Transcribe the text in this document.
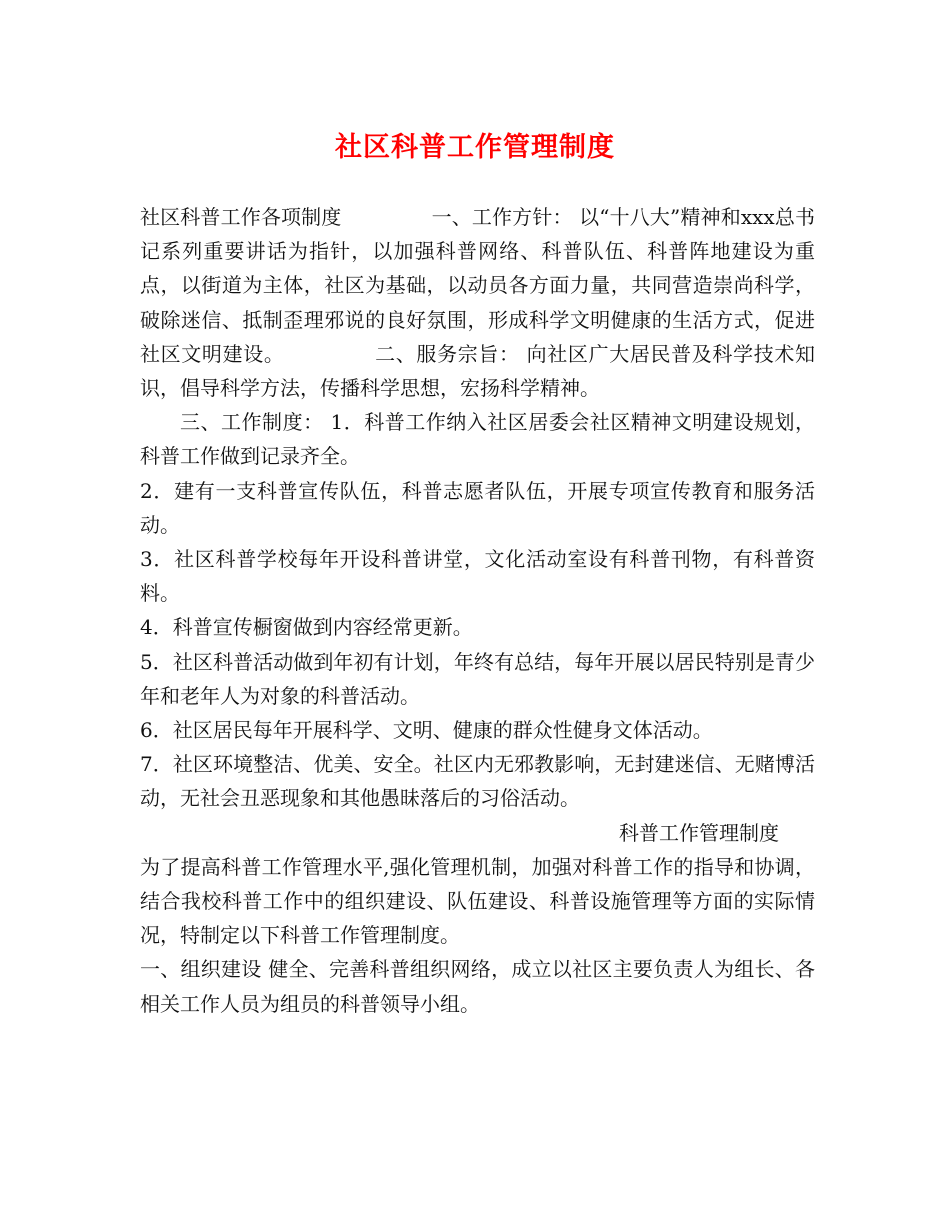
社区科普工作管理制度

社区科普工作各项制度	一、工作方针： 以“十八大”精神和xxx总书记系列重要讲话为指针，以加强科普网络、科普队伍、科普阵地建设为重点，以街道为主体，社区为基础，以动员各方面力量，共同营造崇尚科学，破除迷信、抵制歪理邪说的良好氛围，形成科学文明健康的生活方式，促进社区文明建设。	二、服务宗旨： 向社区广大居民普及科学技术知识，倡导科学方法，传播科学思想，宏扬科学精神。

三、工作制度： 1．科普工作纳入社区居委会社区精神文明建设规划，科普工作做到记录齐全。

2．建有一支科普宣传队伍，科普志愿者队伍，开展专项宣传教育和服务活动。

3．社区科普学校每年开设科普讲堂，文化活动室设有科普刊物，有科普资料。

4．科普宣传橱窗做到内容经常更新。

5．社区科普活动做到年初有计划，年终有总结，每年开展以居民特别是青少年和老年人为对象的科普活动。

6．社区居民每年开展科学、文明、健康的群众性健身文体活动。

7．社区环境整洁、优美、安全。社区内无邪教影响，无封建迷信、无赌博活动，无社会丑恶现象和其他愚昧落后的习俗活动。

科普工作管理制度

为了提高科普工作管理水平,强化管理机制，加强对科普工作的指导和协调，结合我校科普工作中的组织建设、队伍建设、科普设施管理等方面的实际情况，特制定以下科普工作管理制度。

一、组织建设 健全、完善科普组织网络，成立以社区主要负责人为组长、各相关工作人员为组员的科普领导小组。
